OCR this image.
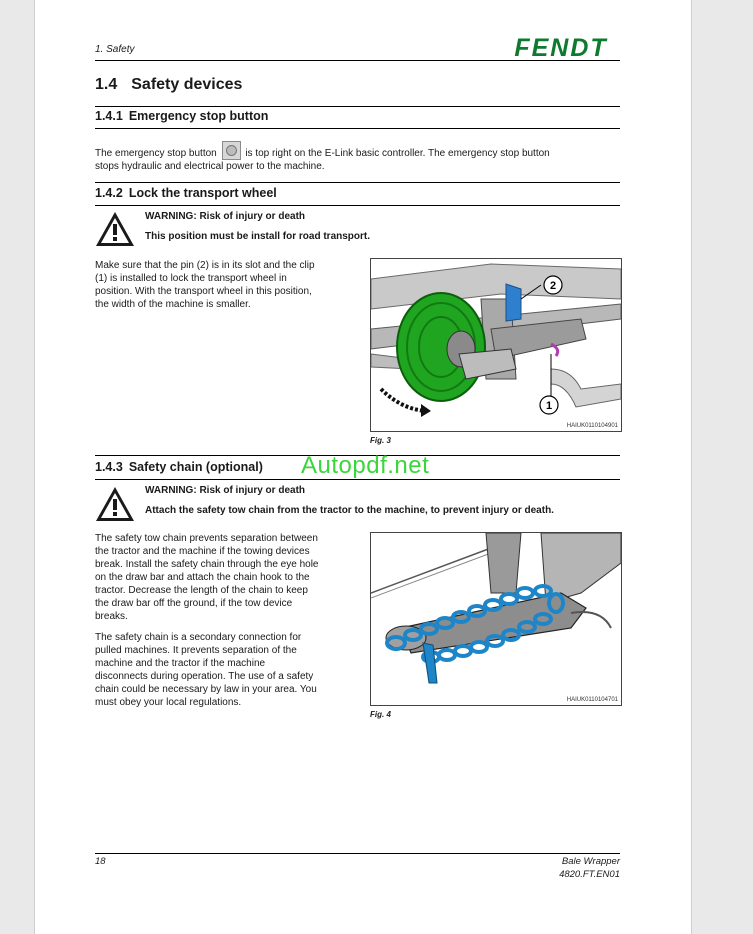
1. Safety	FENDT
1.4 Safety devices
1.4.1 Emergency stop button
The emergency stop button	is top right on the E-Link basic controller. The emergency stop button
stops hydraulic and electrical power to the machine.
1.4.2 Lock the transport wheel
WARNING: Risk of injury or death
This position must be install for road transport.
Make sure that the pin (2) is in its slot and the clip
(1) is installed to lock the transport wheel in
position. With the transport wheel in this position,
the width of the machine is smaller.
2
1
HAIUK0110104901
Fig. 3
1.4.3 Safety chain (optional) Autopdf.net
WARNING: Risk of injury or death
Attach the safety tow chain from the tractor to the machine, to prevent injury or death.
The safety tow chain prevents separation between
the tractor and the machine if the towing devices
break. Install the safety chain through the eye hole
on the draw bar and attach the chain hook to the
tractor. Decrease the length of the chain to keep
the draw bar off the ground, if the tow device
breaks.
The safety chain is a secondary connection for
pulled machines. It prevents separation of the
machine and the tractor if the machine
disconnects during operation. The use of a safety
chain could be necessary by law in your area. You
must obey your local regulations.	HAIUK0110104701
Fig. 4
18	Bale Wrapper
4820.FT.EN01
